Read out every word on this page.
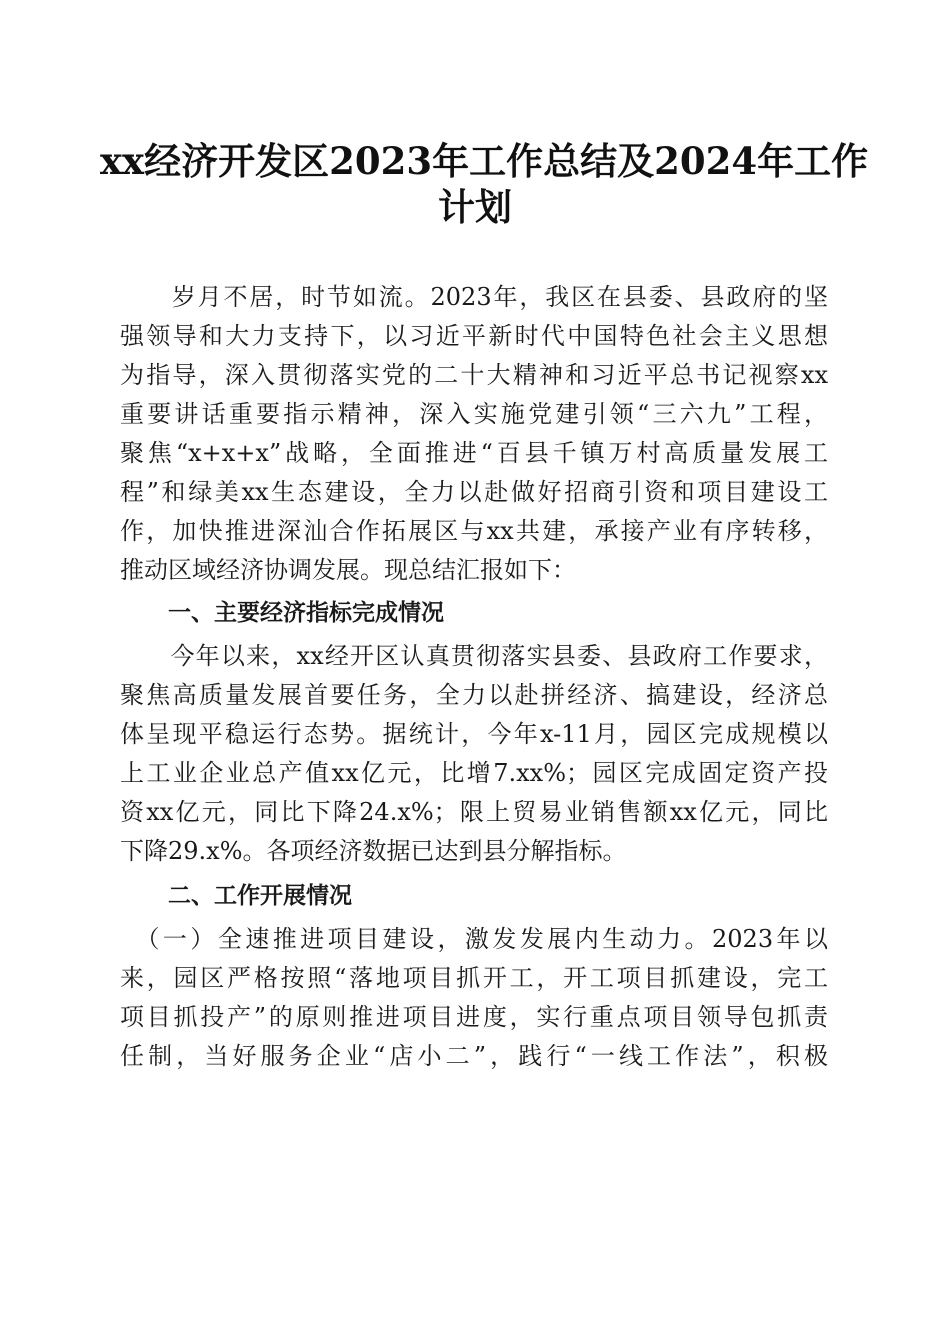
xx经济开发区2023年工作总结及2024年工作
计划
　　岁月不居，时节如流。2023年，我区在县委、县政府的坚
强领导和大力支持下，以习近平新时代中国特色社会主义思想
为指导，深入贯彻落实党的二十大精神和习近平总书记视察xx
重要讲话重要指示精神，深入实施党建引领“三六九”工程，
聚焦“x+x+x”战略，全面推进“百县千镇万村高质量发展工
程”和绿美xx生态建设，全力以赴做好招商引资和项目建设工
作，加快推进深汕合作拓展区与xx共建，承接产业有序转移，
推动区域经济协调发展。现总结汇报如下：
一、主要经济指标完成情况
　　今年以来，xx经开区认真贯彻落实县委、县政府工作要求，
聚焦高质量发展首要任务，全力以赴拼经济、搞建设，经济总
体呈现平稳运行态势。据统计，今年x-11月，园区完成规模以
上工业企业总产值xx亿元，比增7.xx%；园区完成固定资产投
资xx亿元，同比下降24.x%；限上贸易业销售额xx亿元，同比
下降29.x%。各项经济数据已达到县分解指标。
二、工作开展情况
　（一）全速推进项目建设，激发发展内生动力。2023年以
来，园区严格按照“落地项目抓开工，开工项目抓建设，完工
项目抓投产”的原则推进项目进度，实行重点项目领导包抓责
任制，当好服务企业“店小二”，践行“一线工作法”，积极
